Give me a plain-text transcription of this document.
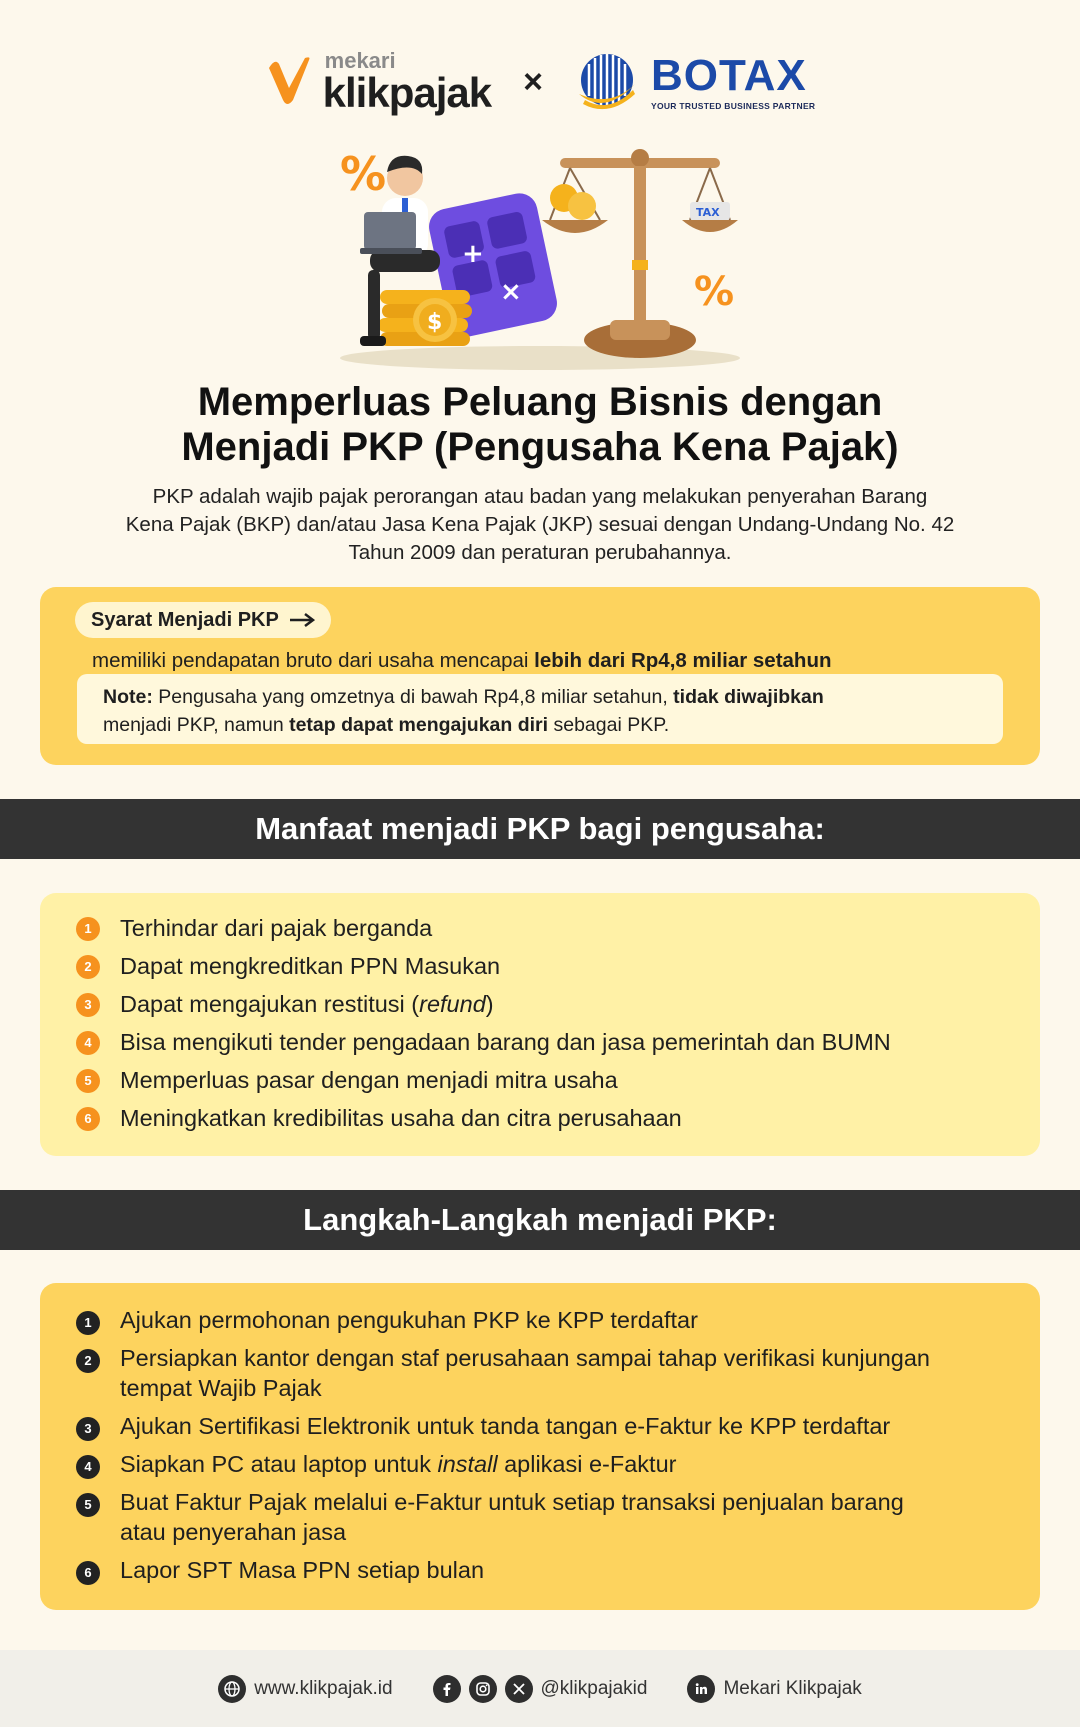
mekari
klikpajak × BOTAX
YOUR TRUSTED BUSINESS PARTNER
%
×
+
$
TAX
%
Memperluas Peluang Bisnis dengan
Menjadi PKP (Pengusaha Kena Pajak)

PKP adalah wajib pajak perorangan atau badan yang melakukan penyerahan Barang
Kena Pajak (BKP) dan/atau Jasa Kena Pajak (JKP) sesuai dengan Undang-Undang No. 42
Tahun 2009 dan peraturan perubahannya.

Syarat Menjadi PKP
memiliki pendapatan bruto dari usaha mencapai lebih dari Rp4,8 miliar setahun
Note: Pengusaha yang omzetnya di bawah Rp4,8 miliar setahun, tidak diwajibkan
menjadi PKP, namun tetap dapat mengajukan diri sebagai PKP.
Manfaat menjadi PKP bagi pengusaha:
1	Terhindar dari pajak berganda
2	Dapat mengkreditkan PPN Masukan
3	Dapat mengajukan restitusi (refund)
4	Bisa mengikuti tender pengadaan barang dan jasa pemerintah dan BUMN
5	Memperluas pasar dengan menjadi mitra usaha
6	Meningkatkan kredibilitas usaha dan citra perusahaan
Langkah-Langkah menjadi PKP:
1	Ajukan permohonan pengukuhan PKP ke KPP terdaftar
2	Persiapkan kantor dengan staf perusahaan sampai tahap verifikasi kunjungan
tempat Wajib Pajak
3	Ajukan Sertifikasi Elektronik untuk tanda tangan e-Faktur ke KPP terdaftar
4	Siapkan PC atau laptop untuk install aplikasi e-Faktur
5	Buat Faktur Pajak melalui e-Faktur untuk setiap transaksi penjualan barang
atau penyerahan jasa
6	Lapor SPT Masa PPN setiap bulan
www.klikpajak.id	@klikpajakid	Mekari Klikpajak
